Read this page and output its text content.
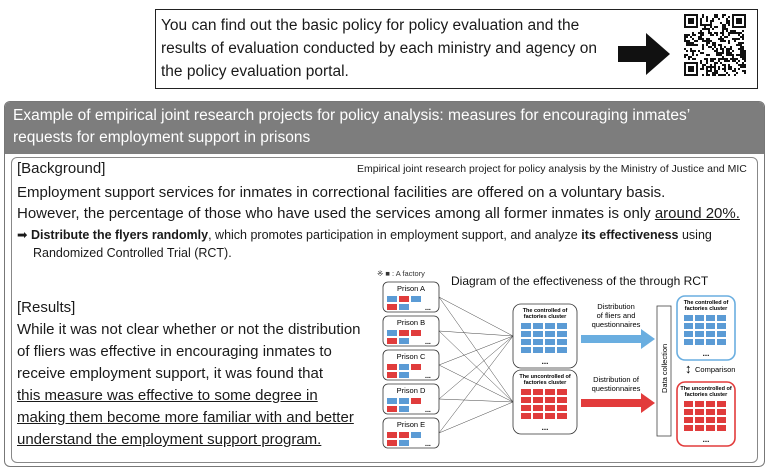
You can find out the basic policy for policy evaluation and the
results of evaluation conducted by each ministry and agency on
the policy evaluation portal.
Example of empirical joint research projects for policy analysis: measures for encouraging inmates’
requests for employment support in prisons
[Background]	Empirical joint research project for policy analysis by the Ministry of Justice and MIC
Employment support services for inmates in correctional facilities are offered on a voluntary basis.
However, the percentage of those who have used the services among all former inmates is only around 20%.
➡ Distribute the flyers randomly, which promotes participation in employment support, and analyze its effectiveness using
Randomized Controlled Trial (RCT).
[Results]
While it was not clear whether or not the distribution
of fliers was effective in encouraging inmates to
receive employment support, it was found that
this measure was effective to some degree in
making them become more familiar with and better
understand the employment support program.
※ ■ : A factory
Diagram of the effectiveness of the through RCT
Prison A
...
Prison B
...
Prison C
...
Prison D
...
Prison E
...
The controlled of
factories cluster
...
The uncontrolled of
factories cluster
...
Distribution
of fliers and
questionnaires
Distribution of
questionnaires	Data collection
The controlled of
factories cluster
...
↕ Comparison
The uncontrolled of
factories cluster
...
